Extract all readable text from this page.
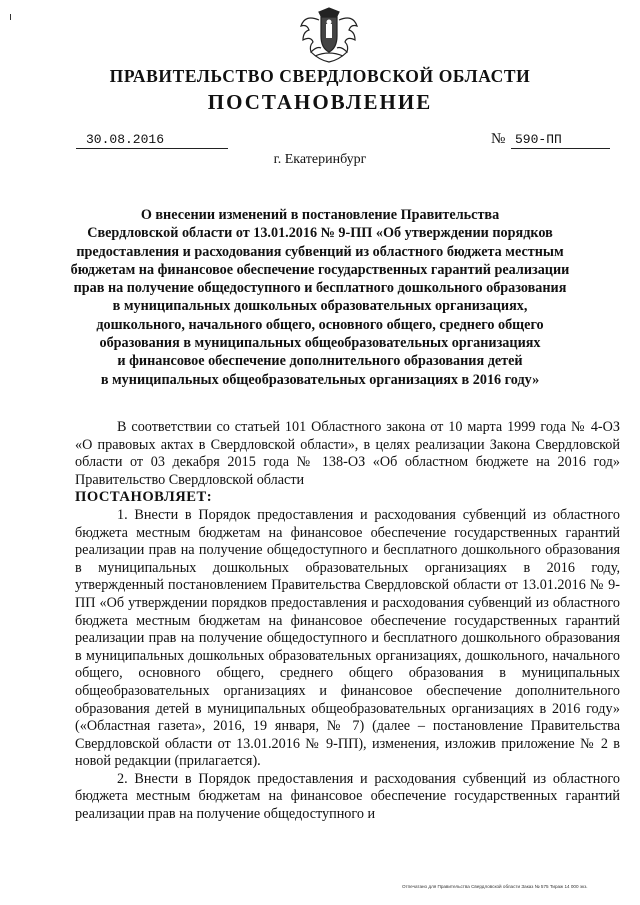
ПРАВИТЕЛЬСТВО СВЕРДЛОВСКОЙ ОБЛАСТИ
ПОСТАНОВЛЕНИЕ
30.08.2016	№ 590-ПП
г. Екатеринбург
О внесении изменений в постановление Правительства
Свердловской области от 13.01.2016 № 9-ПП «Об утверждении порядков
предоставления и расходования субвенций из областного бюджета местным
бюджетам на финансовое обеспечение государственных гарантий реализации
прав на получение общедоступного и бесплатного дошкольного образования
в муниципальных дошкольных образовательных организациях,
дошкольного, начального общего, основного общего, среднего общего
образования в муниципальных общеобразовательных организациях
и финансовое обеспечение дополнительного образования детей
в муниципальных общеобразовательных организациях в 2016 году»

В соответствии со статьей 101 Областного закона от 10 марта 1999 года № 4-ОЗ «О правовых актах в Свердловской области», в целях реализации Закона Свердловской области от 03 декабря 2015 года № 138-ОЗ «Об областном бюджете на 2016 год» Правительство Свердловской области

ПОСТАНОВЛЯЕТ:

1. Внести в Порядок предоставления и расходования субвенций из областного бюджета местным бюджетам на финансовое обеспечение государственных гарантий реализации прав на получение общедоступного и бесплатного дошкольного образования в муниципальных дошкольных образовательных организациях в 2016 году, утвержденный постановлением Правительства Свердловской области от 13.01.2016 № 9-ПП «Об утверждении порядков предоставления и расходования субвенций из областного бюджета местным бюджетам на финансовое обеспечение государственных гарантий реализации прав на получение общедоступного и бесплатного дошкольного образования в муниципальных дошкольных образовательных организациях, дошкольного, начального общего, основного общего, среднего общего образования в муниципальных общеобразовательных организациях и финансовое обеспечение дополнительного образования детей в муниципальных общеобразовательных организациях в 2016 году» («Областная газета», 2016, 19 января, № 7) (далее – постановление Правительства Свердловской области от 13.01.2016 № 9-ПП), изменения, изложив приложение № 2 в новой редакции (прилагается).

2. Внести в Порядок предоставления и расходования субвенций из областного бюджета местным бюджетам на финансовое обеспечение государственных гарантий реализации прав на получение общедоступного и

Отпечатано для Правительства Свердловской области Заказ № 575 Тираж 14 000 экз.
